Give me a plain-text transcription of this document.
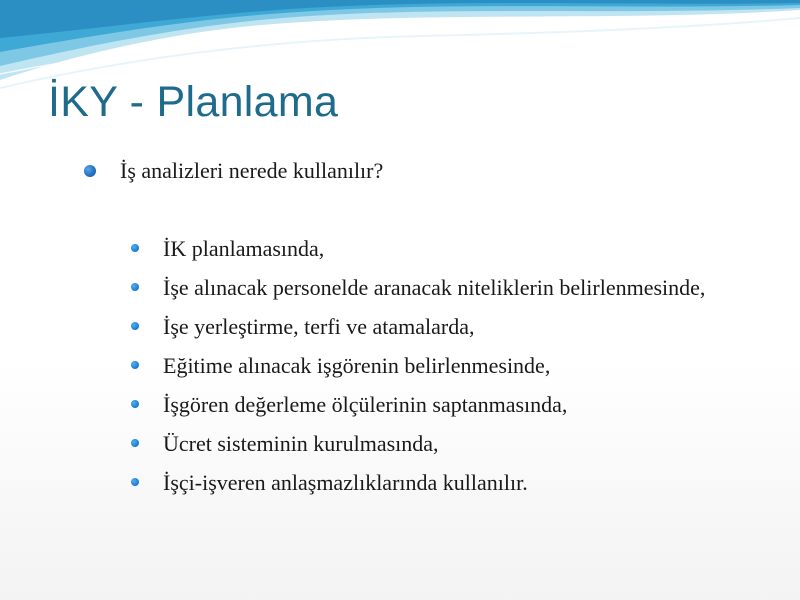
İKY - Planlama
İş analizleri nerede kullanılır?
İK planlamasında,
İşe alınacak personelde aranacak niteliklerin belirlenmesinde,
İşe yerleştirme, terfi ve atamalarda,
Eğitime alınacak işgörenin belirlenmesinde,
İşgören değerleme ölçülerinin saptanmasında,
Ücret sisteminin kurulmasında,
İşçi-işveren anlaşmazlıklarında kullanılır.
